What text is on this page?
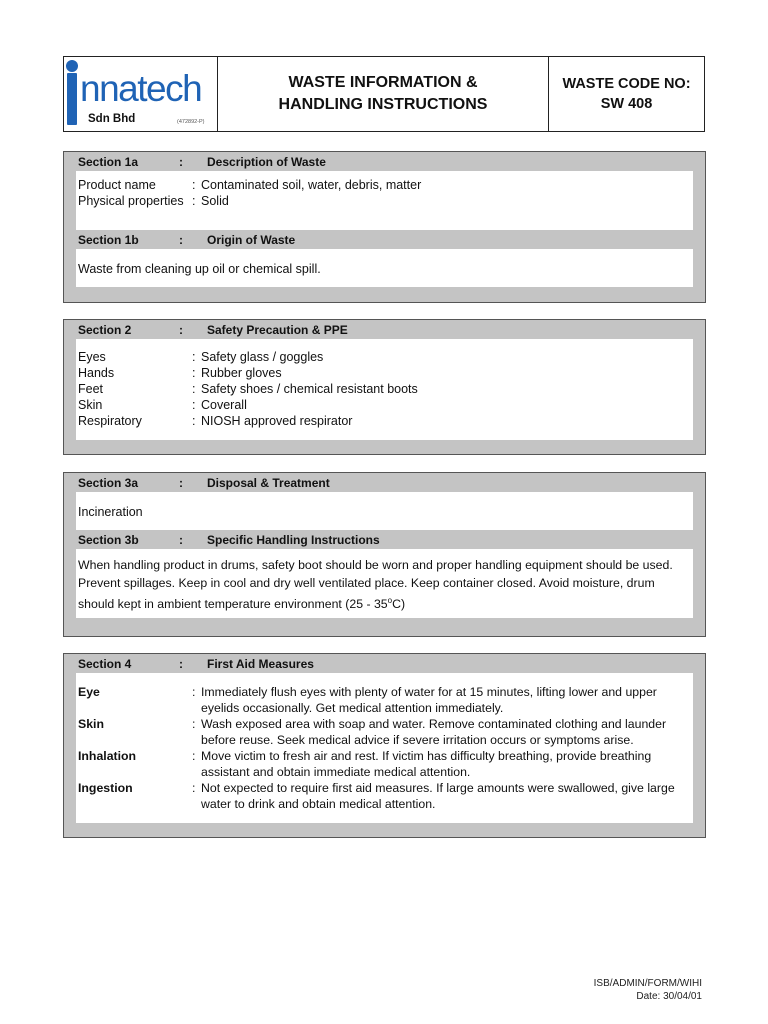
nnatech
Sdn Bhd	(472892-P)
WASTE INFORMATION &
HANDLING INSTRUCTIONS
WASTE CODE NO:
SW 408
Section 1a	:	Description of Waste
Product name	: Contaminated soil, water, debris, matter
Physical properties : Solid
Section 1b	:	Origin of Waste
Waste from cleaning up oil or chemical spill.
Section 2	:	Safety Precaution & PPE
Eyes	: Safety glass / goggles
Hands	: Rubber gloves
Feet	: Safety shoes / chemical resistant boots
Skin	: Coverall
Respiratory	: NIOSH approved respirator
Section 3a	:	Disposal & Treatment
Incineration
Section 3b	:	Specific Handling Instructions
When handling product in drums, safety boot should be worn and proper handling equipment should be used.
Prevent spillages. Keep in cool and dry well ventilated place. Keep container closed. Avoid moisture, drum
should kept in ambient temperature environment (25 - 35$^o$C)
Section 4	:	First Aid Measures
Eye	: Immediately flush eyes with plenty of water for at 15 minutes, lifting lower and upper
eyelids occasionally. Get medical attention immediately.
Skin	: Wash exposed area with soap and water. Remove contaminated clothing and launder
before reuse. Seek medical advice if severe irritation occurs or symptoms arise.
Inhalation	: Move victim to fresh air and rest. If victim has difficulty breathing, provide breathing
assistant and obtain immediate medical attention.
Ingestion	: Not expected to require first aid measures. If large amounts were swallowed, give large
water to drink and obtain medical attention.
ISB/ADMIN/FORM/WIHI
Date: 30/04/01
